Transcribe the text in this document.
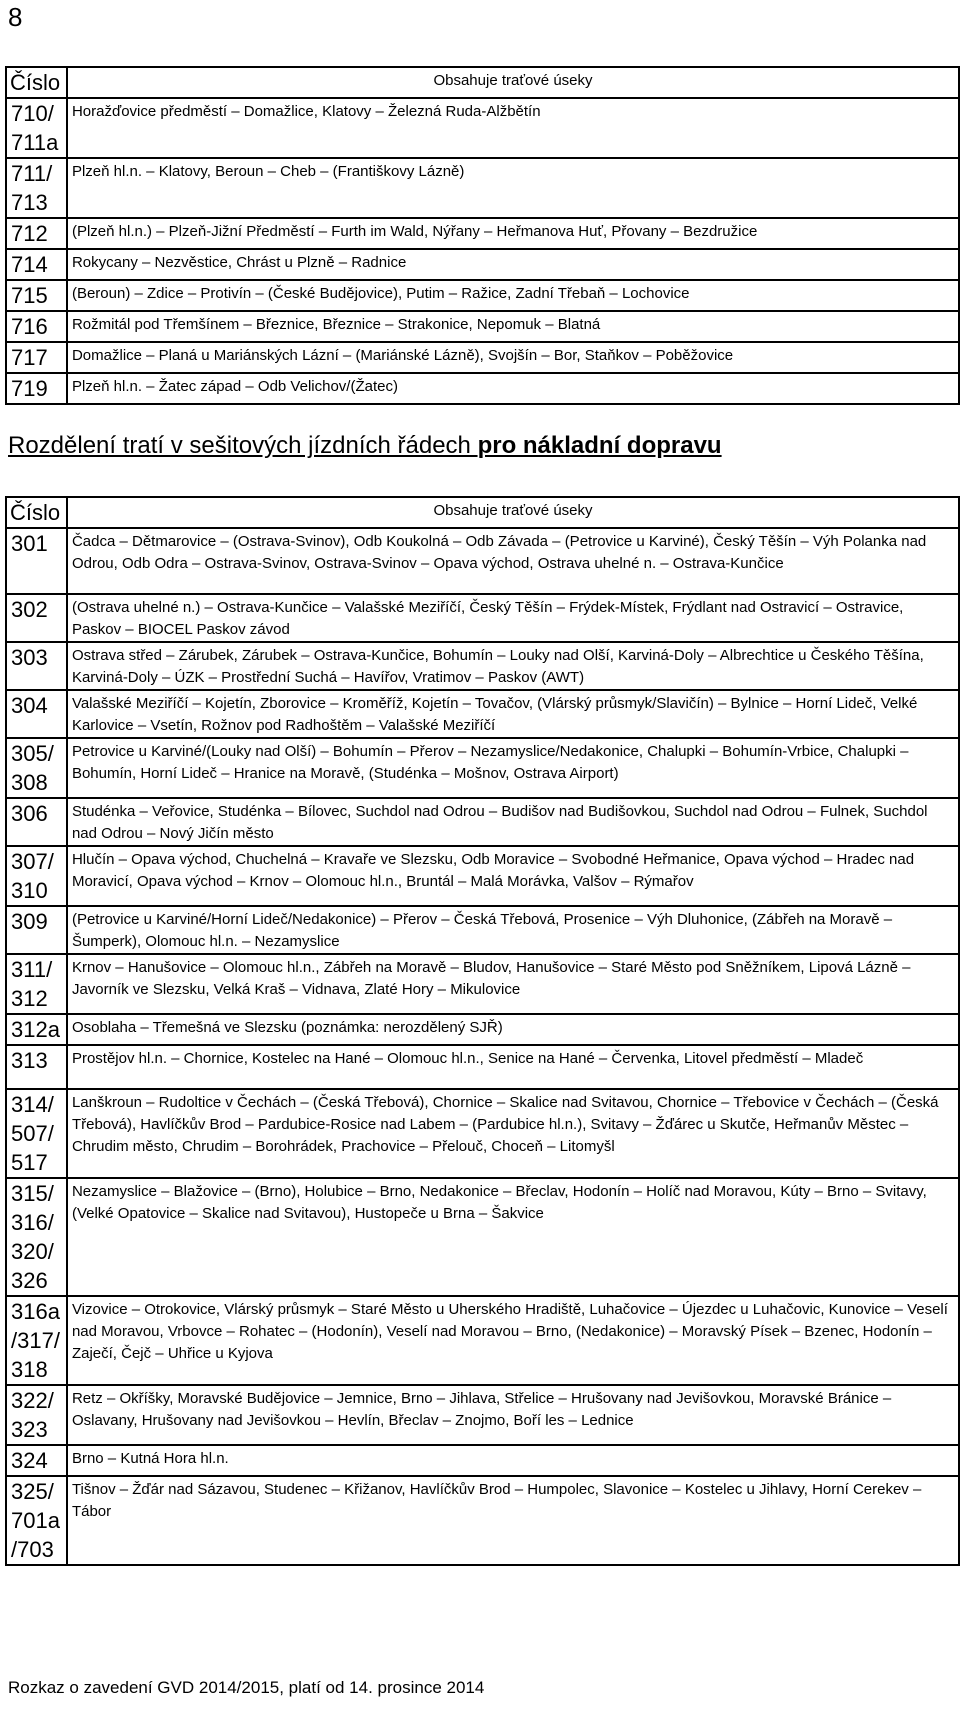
8
Číslo	Obsahuje traťové úseky
710/ 711a	Horažďovice předměstí – Domažlice, Klatovy – Železná Ruda-Alžbětín
711/ 713	Plzeň hl.n. – Klatovy, Beroun – Cheb – (Františkovy Lázně)
712	(Plzeň hl.n.) – Plzeň-Jižní Předměstí – Furth im Wald, Nýřany – Heřmanova Huť, Přovany – Bezdružice
714	Rokycany – Nezvěstice, Chrást u Plzně – Radnice
715	(Beroun) – Zdice – Protivín – (České Budějovice), Putim – Ražice, Zadní Třebaň – Lochovice
716	Rožmitál pod Třemšínem – Březnice, Březnice – Strakonice, Nepomuk – Blatná
717	Domažlice – Planá u Mariánských Lázní – (Mariánské Lázně), Svojšín – Bor, Staňkov – Poběžovice
719	Plzeň hl.n. – Žatec západ – Odb Velichov/(Žatec)
Rozdělení tratí v sešitových jízdních řádech pro nákladní dopravu
Číslo	Obsahuje traťové úseky
301	Čadca – Dětmarovice – (Ostrava-Svinov), Odb Koukolná – Odb Závada – (Petrovice u Karviné), Český Těšín – Výh Polanka nad Odrou, Odb Odra – Ostrava-Svinov, Ostrava-Svinov – Opava východ, Ostrava uhelné n. – Ostrava-Kunčice
302	(Ostrava uhelné n.) – Ostrava-Kunčice – Valašské Meziříčí, Český Těšín – Frýdek-Místek, Frýdlant nad Ostravicí – Ostravice, Paskov – BIOCEL Paskov závod
303	Ostrava střed – Zárubek, Zárubek – Ostrava-Kunčice, Bohumín – Louky nad Olší, Karviná-Doly – Albrechtice u Českého Těšína, Karviná-Doly – ÚZK – Prostřední Suchá – Havířov, Vratimov – Paskov (AWT)
304	Valašské Meziříčí – Kojetín, Zborovice – Kroměříž, Kojetín – Tovačov, (Vlárský průsmyk/Slavičín) – Bylnice – Horní Lideč, Velké Karlovice – Vsetín, Rožnov pod Radhoštěm – Valašské Meziříčí
305/ 308	Petrovice u Karviné/(Louky nad Olší) – Bohumín – Přerov – Nezamyslice/Nedakonice, Chalupki – Bohumín-Vrbice, Chalupki – Bohumín, Horní Lideč – Hranice na Moravě, (Studénka – Mošnov, Ostrava Airport)
306	Studénka – Veřovice, Studénka – Bílovec, Suchdol nad Odrou – Budišov nad Budišovkou, Suchdol nad Odrou – Fulnek, Suchdol nad Odrou – Nový Jičín město
307/ 310	Hlučín – Opava východ, Chuchelná – Kravaře ve Slezsku, Odb Moravice – Svobodné Heřmanice, Opava východ – Hradec nad Moravicí, Opava východ – Krnov – Olomouc hl.n., Bruntál – Malá Morávka, Valšov – Rýmařov
309	(Petrovice u Karviné/Horní Lideč/Nedakonice) – Přerov – Česká Třebová, Prosenice – Výh Dluhonice, (Zábřeh na Moravě – Šumperk), Olomouc hl.n. – Nezamyslice
311/ 312	Krnov – Hanušovice – Olomouc hl.n., Zábřeh na Moravě – Bludov, Hanušovice – Staré Město pod Sněžníkem, Lipová Lázně – Javorník ve Slezsku, Velká Kraš – Vidnava, Zlaté Hory – Mikulovice
312a	Osoblaha – Třemešná ve Slezsku (poznámka: nerozdělený SJŘ)
313	Prostějov hl.n. – Chornice, Kostelec na Hané – Olomouc hl.n., Senice na Hané – Červenka, Litovel předměstí – Mladeč
314/ 507/ 517	Lanškroun – Rudoltice v Čechách – (Česká Třebová), Chornice – Skalice nad Svitavou, Chornice – Třebovice v Čechách – (Česká Třebová), Havlíčkův Brod – Pardubice-Rosice nad Labem – (Pardubice hl.n.), Svitavy – Žďárec u Skutče, Heřmanův Městec – Chrudim město, Chrudim – Borohrádek, Prachovice – Přelouč, Choceň – Litomyšl
315/ 316/ 320/ 326	Nezamyslice – Blažovice – (Brno), Holubice – Brno, Nedakonice – Břeclav, Hodonín – Holíč nad Moravou, Kúty – Brno – Svitavy, (Velké Opatovice – Skalice nad Svitavou), Hustopeče u Brna – Šakvice
316a /317/ 318	Vizovice – Otrokovice, Vlárský průsmyk – Staré Město u Uherského Hradiště, Luhačovice – Újezdec u Luhačovic, Kunovice – Veselí nad Moravou, Vrbovce – Rohatec – (Hodonín), Veselí nad Moravou – Brno, (Nedakonice) – Moravský Písek – Bzenec, Hodonín – Zaječí, Čejč – Uhřice u Kyjova
322/ 323	Retz – Okříšky, Moravské Budějovice – Jemnice, Brno – Jihlava, Střelice – Hrušovany nad Jevišovkou, Moravské Bránice – Oslavany, Hrušovany nad Jevišovkou – Hevlín, Břeclav – Znojmo, Boří les – Lednice
324	Brno – Kutná Hora hl.n.
325/ 701a /703	Tišnov – Žďár nad Sázavou, Studenec – Křižanov, Havlíčkův Brod – Humpolec, Slavonice – Kostelec u Jihlavy, Horní Cerekev – Tábor
Rozkaz o zavedení GVD 2014/2015, platí od 14. prosince 2014
